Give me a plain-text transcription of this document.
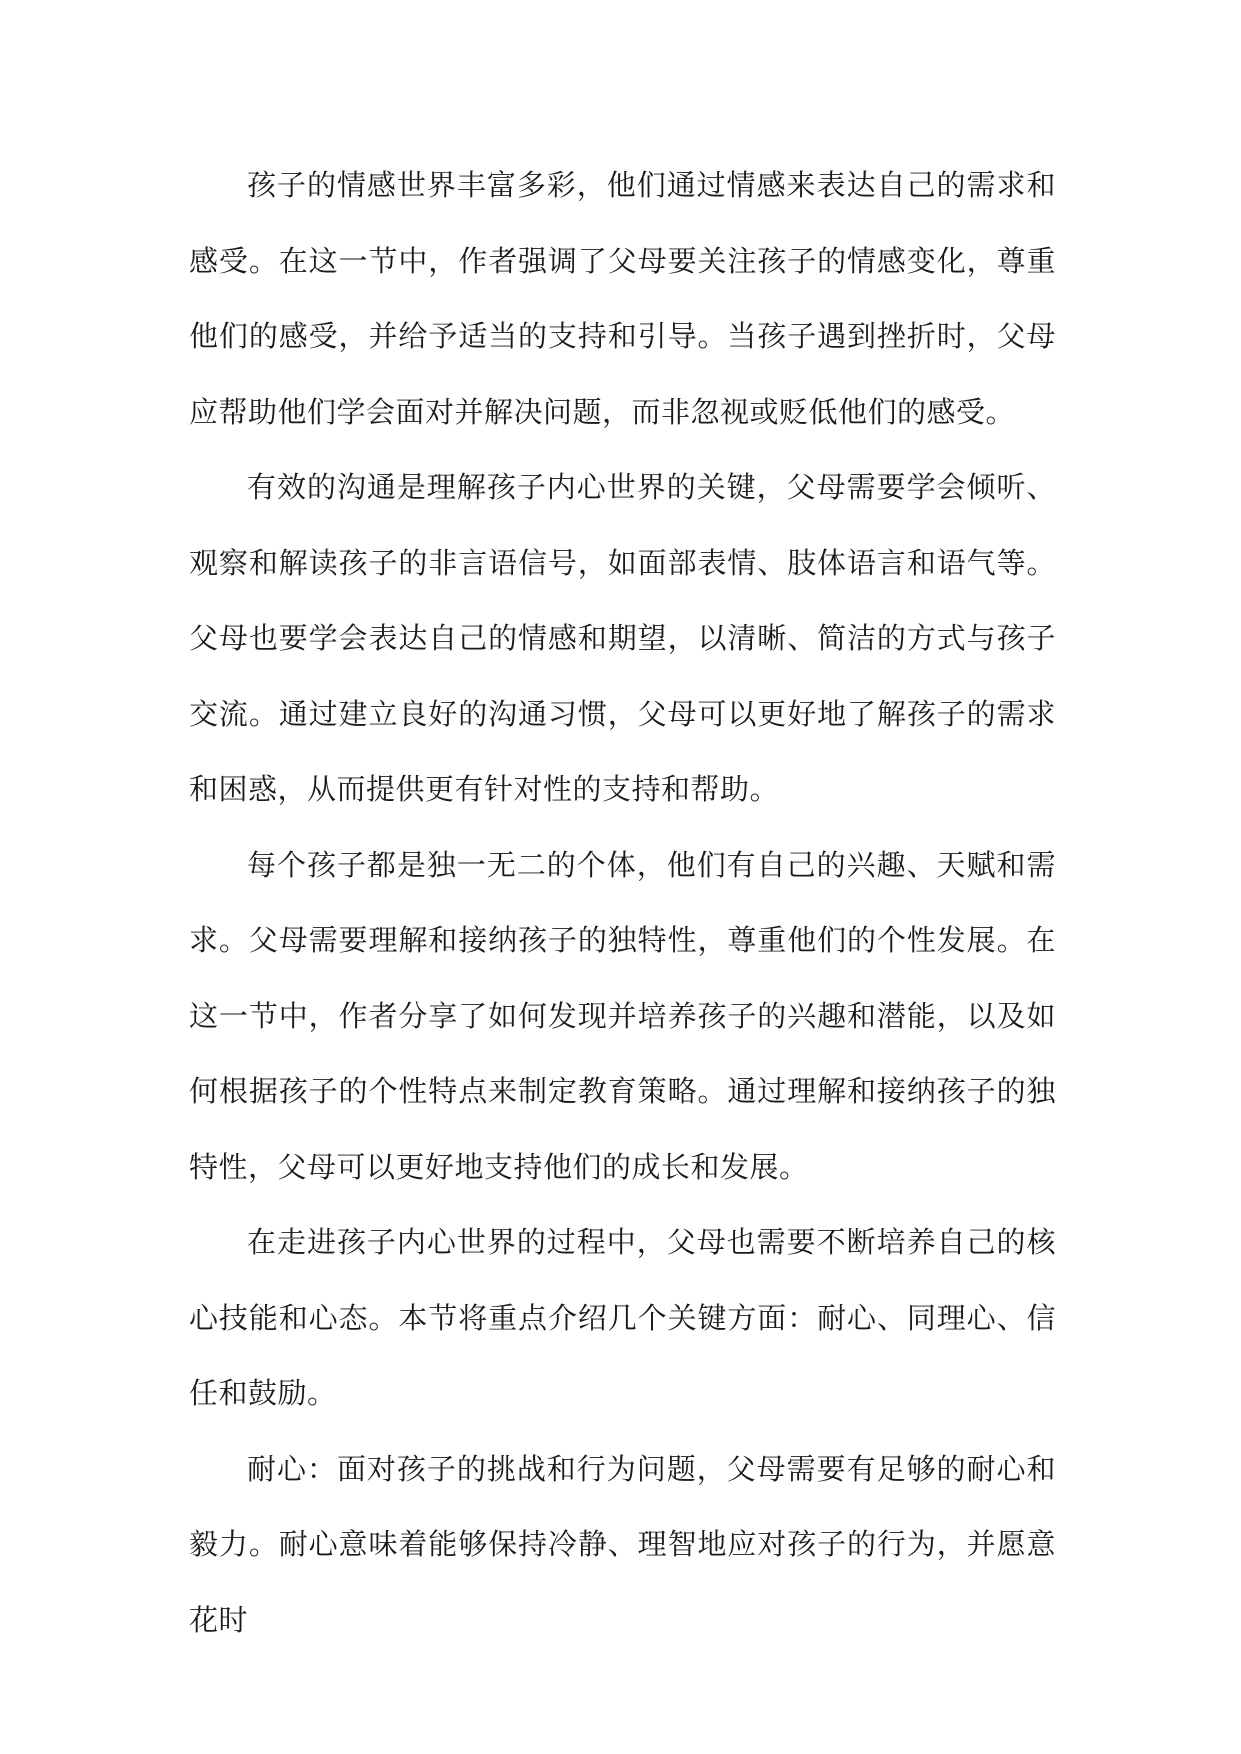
孩子的情感世界丰富多彩，他们通过情感来表达自己的需求和感受。在这一节中，作者强调了父母要关注孩子的情感变化，尊重他们的感受，并给予适当的支持和引导。当孩子遇到挫折时，父母应帮助他们学会面对并解决问题，而非忽视或贬低他们的感受。

有效的沟通是理解孩子内心世界的关键，父母需要学会倾听、观察和解读孩子的非言语信号，如面部表情、肢体语言和语气等。父母也要学会表达自己的情感和期望，以清晰、简洁的方式与孩子交流。通过建立良好的沟通习惯，父母可以更好地了解孩子的需求和困惑，从而提供更有针对性的支持和帮助。

每个孩子都是独一无二的个体，他们有自己的兴趣、天赋和需求。父母需要理解和接纳孩子的独特性，尊重他们的个性发展。在这一节中，作者分享了如何发现并培养孩子的兴趣和潜能，以及如何根据孩子的个性特点来制定教育策略。通过理解和接纳孩子的独特性，父母可以更好地支持他们的成长和发展。

在走进孩子内心世界的过程中，父母也需要不断培养自己的核心技能和心态。本节将重点介绍几个关键方面：耐心、同理心、信任和鼓励。

耐心：面对孩子的挑战和行为问题，父母需要有足够的耐心和毅力。耐心意味着能够保持冷静、理智地应对孩子的行为，并愿意花时
